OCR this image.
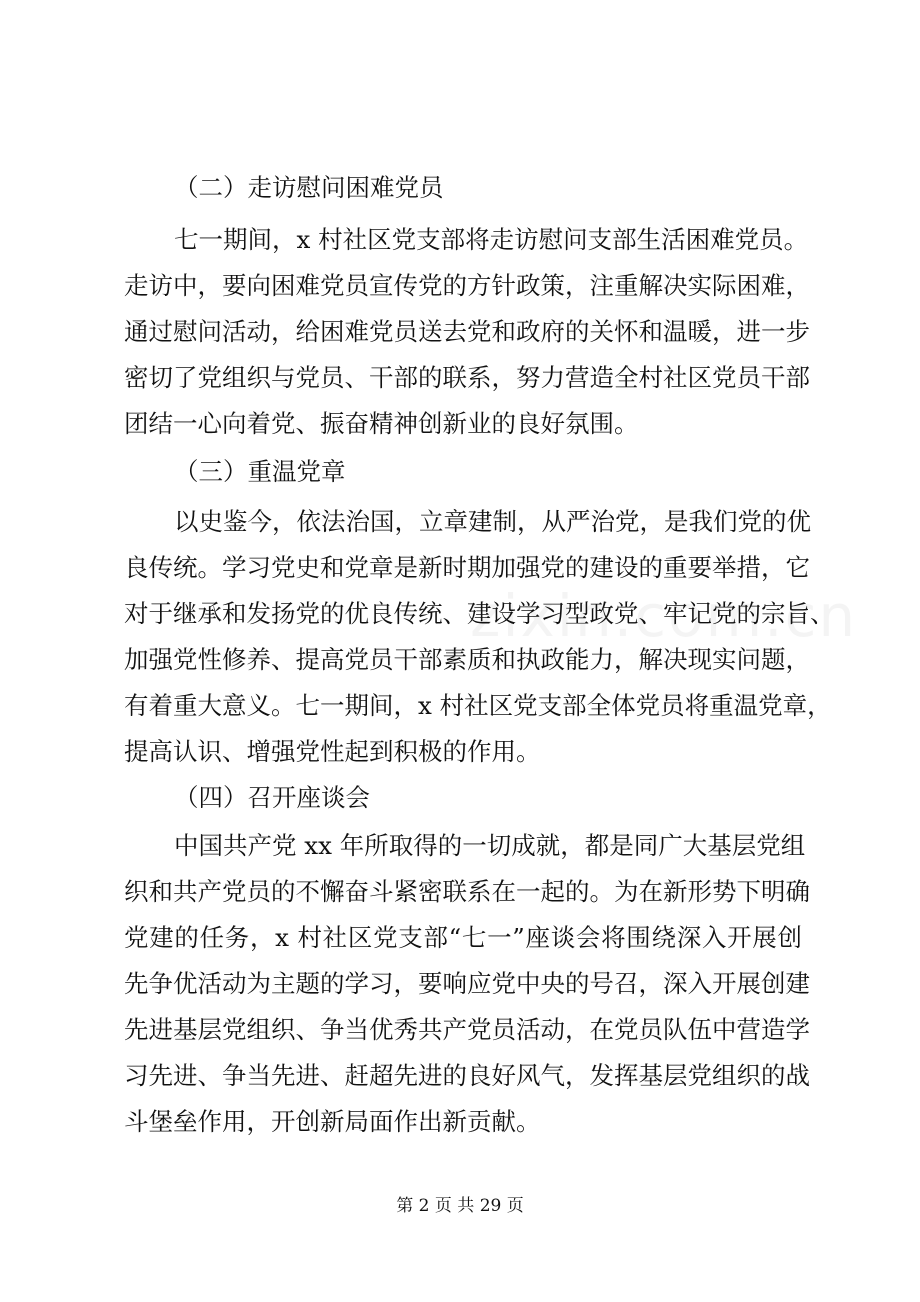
（二）走访慰问困难党员

七一期间，x 村社区党支部将走访慰问支部生活困难党员。

走访中，要向困难党员宣传党的方针政策，注重解决实际困难，

通过慰问活动，给困难党员送去党和政府的关怀和温暖，进一步

密切了党组织与党员、干部的联系，努力营造全村社区党员干部

团结一心向着党、振奋精神创新业的良好氛围。

（三）重温党章

以史鉴今，依法治国，立章建制，从严治党，是我们党的优

良传统。学习党史和党章是新时期加强党的建设的重要举措，它

对于继承和发扬党的优良传统、建设学习型政党、牢记党的宗旨、

加强党性修养、提高党员干部素质和执政能力，解决现实问题，

有着重大意义。七一期间，x 村社区党支部全体党员将重温党章，

提高认识、增强党性起到积极的作用。

（四）召开座谈会

中国共产党 xx 年所取得的一切成就，都是同广大基层党组

织和共产党员的不懈奋斗紧密联系在一起的。为在新形势下明确

党建的任务，x 村社区党支部“七一”座谈会将围绕深入开展创

先争优活动为主题的学习，要响应党中央的号召，深入开展创建

先进基层党组织、争当优秀共产党员活动，在党员队伍中营造学

习先进、争当先进、赶超先进的良好风气，发挥基层党组织的战

斗堡垒作用，开创新局面作出新贡献。

第 2 页 共 29 页
